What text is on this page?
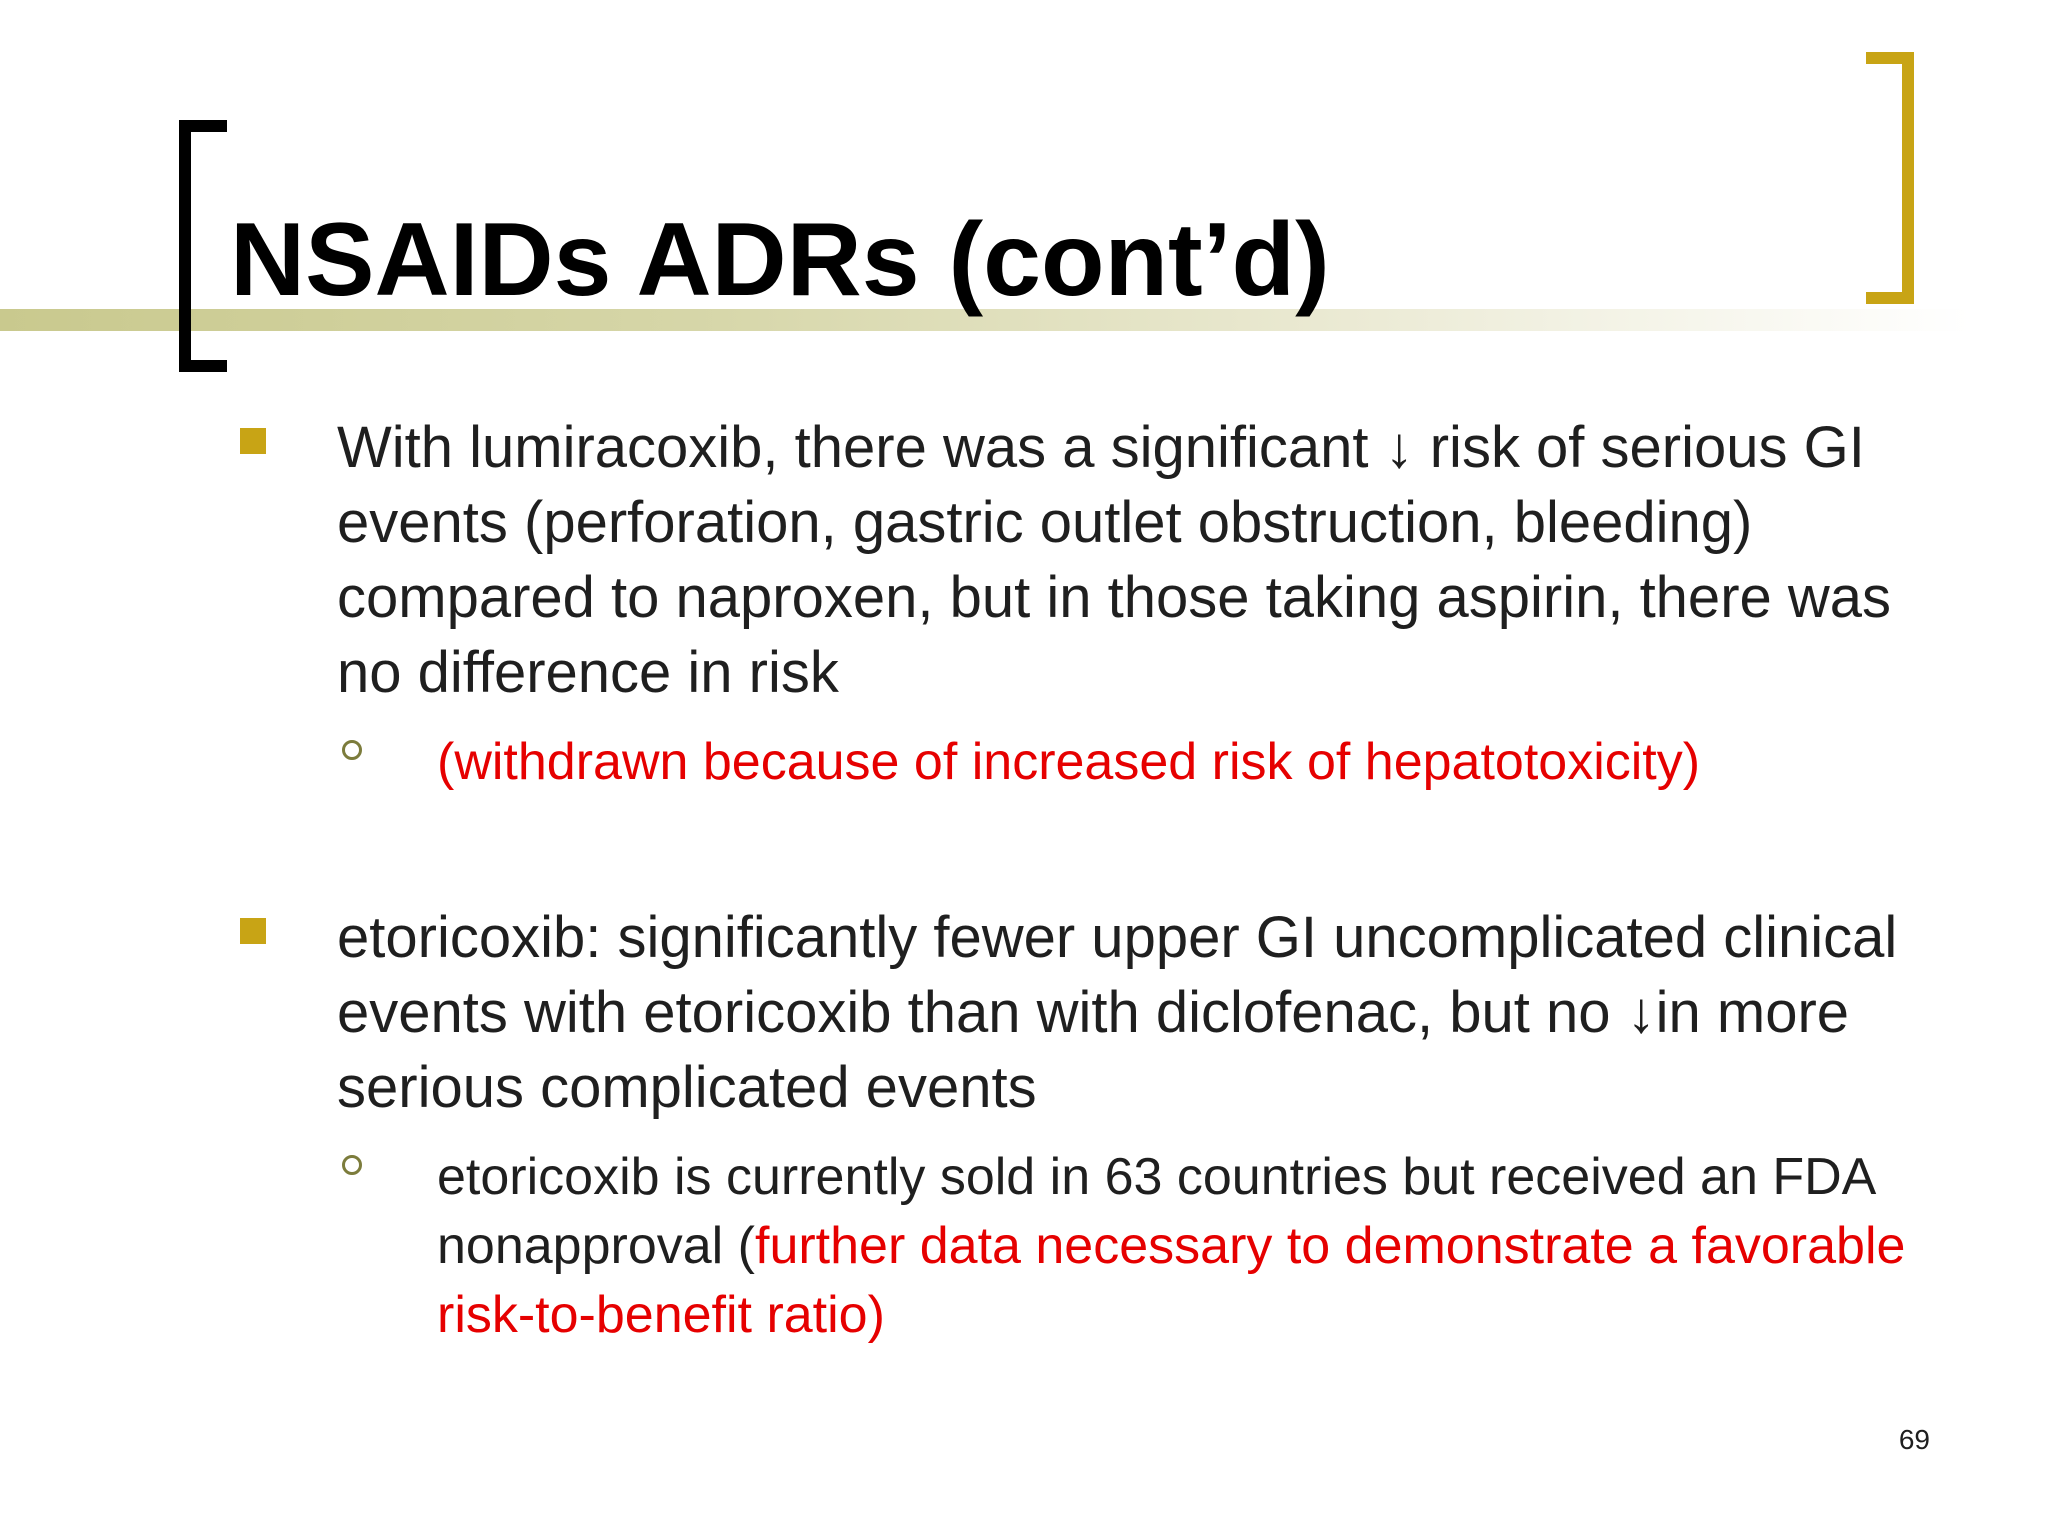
NSAIDs ADRs (cont’d)

With lumiracoxib, there was a significant ↓ risk of serious GI events (perforation, gastric outlet obstruction, bleeding) compared to naproxen, but in those taking aspirin, there was no difference in risk

(withdrawn because of increased risk of hepatotoxicity)

etoricoxib: significantly fewer upper GI uncomplicated clinical events with etoricoxib than with diclofenac, but no ↓in more serious complicated events

etoricoxib is currently sold in 63 countries but received an FDA nonapproval (further data necessary to demonstrate a favorable risk-to-benefit ratio)

69
